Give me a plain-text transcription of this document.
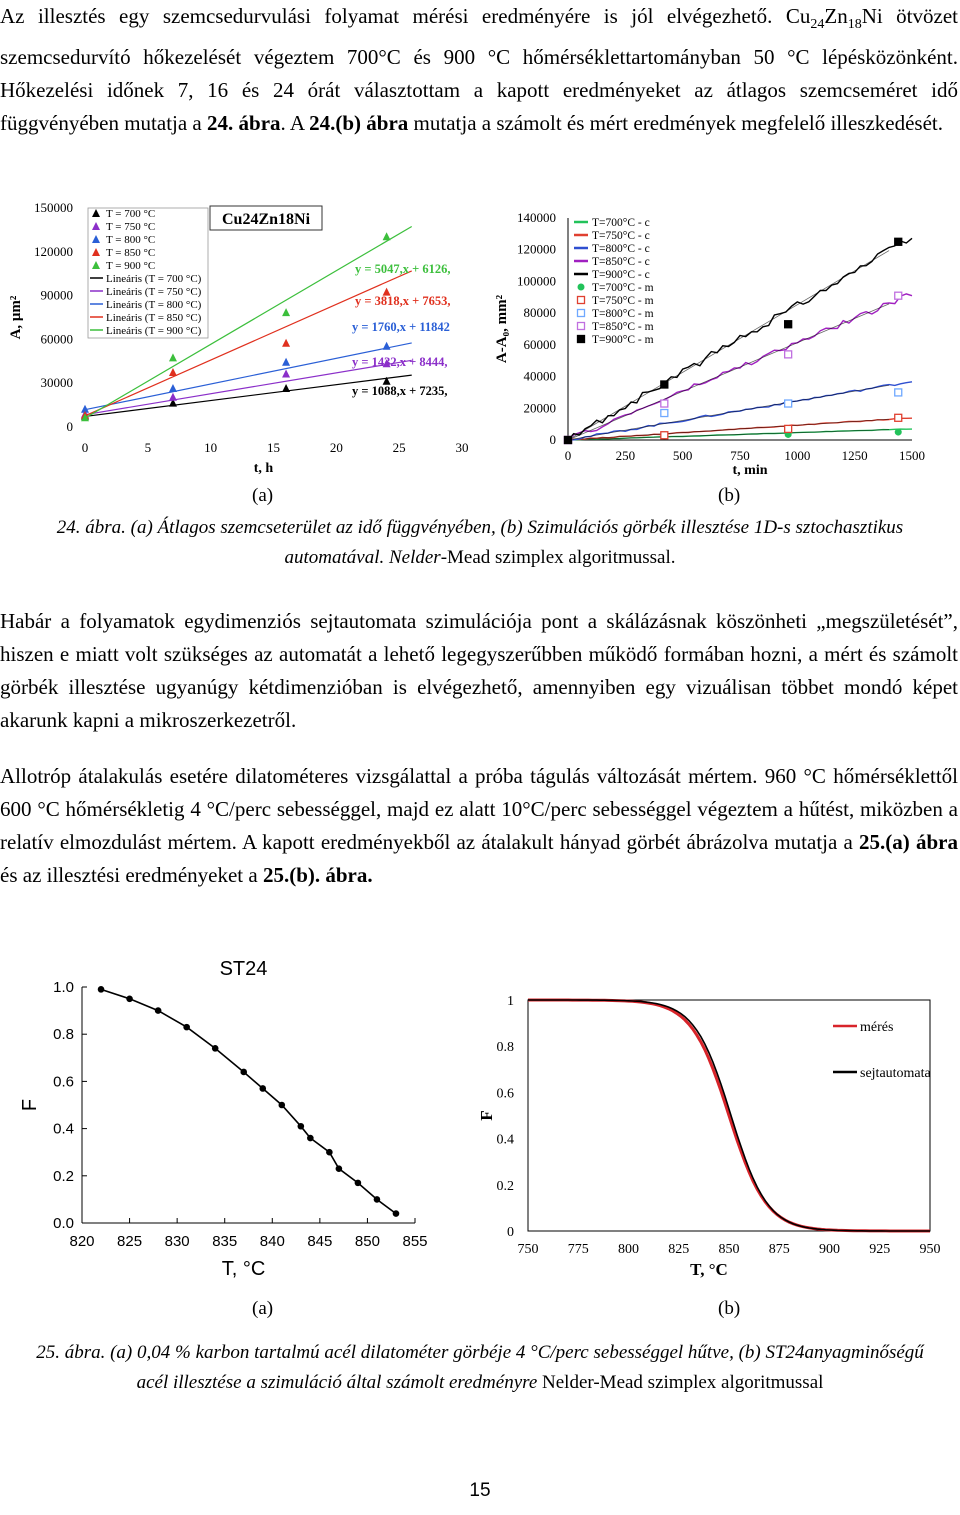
Az illesztés egy szemcsedurvulási folyamat mérési eredményére is jól elvégezhető. $Cu_{24}Zn_{18}Ni$ ötvözet szemcsedurvító hőkezelését végeztem 700°C és 900 °C hőmérséklettartományban 50 °C lépésközönként. Hőkezelési időnek 7, 16 és 24 órát választottam a kapott eredményeket az átlagos szemcseméret idő függvényében mutatja a 24. ábra. A 24.(b) ábra mutatja a számolt és mért eredmények megfelelő illeszkedését.
0
30000
60000
90000
120000
150000
0	5	10	15	20	25	30
t, h
A, μm²
Cu24Zn18Ni
T = 700 °C
T = 750 °C
T = 800 °C
T = 850 °C
T = 900 °C
Lineáris (T = 700 °C)
Lineáris (T = 750 °C)
Lineáris (T = 800 °C)
Lineáris (T = 850 °C)
Lineáris (T = 900 °C)
y = 5047,x + 6126,
y = 3818,x + 7653,
y = 1760,x + 11842
y = 1432,x + 8444,
y = 1088,x + 7235,
0
20000
40000
60000
80000
100000
120000
140000
0	250	500	750	1000 1250 1500
t, min
A-A₀, mm²
T=700°C - c
T=750°C - c
T=800°C - c
T=850°C - c
T=900°C - c
T=700°C - m
T=750°C - m
T=800°C - m
T=850°C - m
T=900°C - m
(a)	(b)
24. ábra. (a) Átlagos szemcseterület az idő függvényében, (b) Szimulációs görbék illesztése 1D-s sztochasztikus automatával. Nelder-Mead szimplex algoritmussal.
Habár a folyamatok egydimenziós sejtautomata szimulációja pont a skálázásnak köszönheti „megszületését”, hiszen e miatt volt szükséges az automatát a lehető legegyszerűbben működő formában hozni, a mért és számolt görbék illesztése ugyanúgy kétdimenzióban is elvégezhető, amennyiben egy vizuálisan többet mondó képet akarunk kapni a mikroszerkezetről.
Allotróp átalakulás esetére dilatométeres vizsgálattal a próba tágulás változását mértem. 960 °C hőmérséklettől 600 °C hőmérsékletig 4 °C/perc sebességgel, majd ez alatt 10°C/perc sebességgel végeztem a hűtést, miközben a relatív elmozdulást mértem. A kapott eredményekből az átalakult hányad görbét ábrázolva mutatja a 25.(a) ábra és az illesztési eredményeket a 25.(b). ábra.
0.0
0.2
0.4
0.6
0.8
1.0
820 825 830 835 840 845 850 855
ST24
T, °C
F
0
0.2
0.4
0.6
0.8
1
750 775 800 825 850 875 900 925 950
T, °C
F
mérés
sejtautomata
(a)	(b)
25. ábra. (a) 0,04 % karbon tartalmú acél dilatométer görbéje 4 °C/perc sebességgel hűtve, (b) ST24anyagminőségű acél illesztése a szimuláció által számolt eredményre Nelder-Mead szimplex algoritmussal
15
